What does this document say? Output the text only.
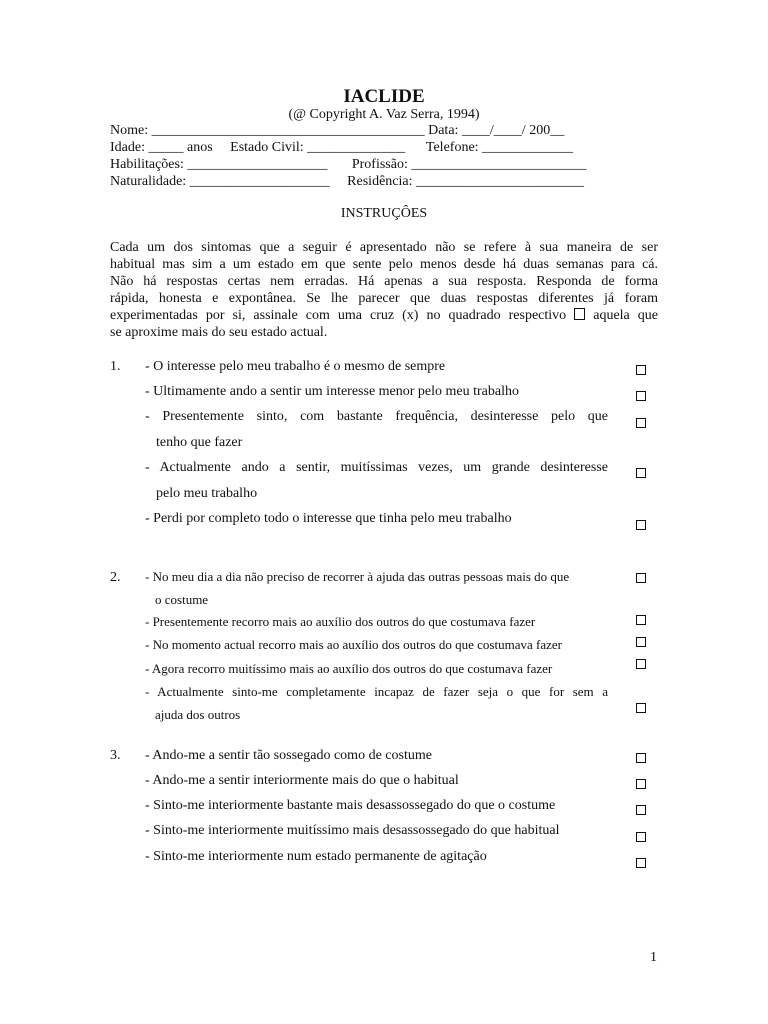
IACLIDE
(@ Copyright A. Vaz Serra, 1994)
Nome: _______________________________________ Data: ____/____/ 200__
Idade: _____ anos     Estado Civil: ______________      Telefone: _____________
Habilitações: ____________________       Profissão: _________________________
Naturalidade: ____________________     Residência: ________________________
INSTRUÇÔES
Cada um dos sintomas que a seguir é apresentado não se refere à sua maneira de ser
habitual mas sim a um estado em que sente pelo menos desde há duas semanas para cá.
Não há respostas certas nem erradas. Há apenas a sua resposta. Responda de forma
rápida, honesta e expontânea. Se lhe parecer que duas respostas diferentes já foram
experimentadas por si, assinale com uma cruz (x) no quadrado respectivo aquela que
se aproxime mais do seu estado actual.
1. - O interesse pelo meu trabalho é o mesmo de sempre
- Ultimamente ando a sentir um interesse menor pelo meu trabalho
- Presentemente sinto, com bastante frequência, desinteresse pelo que
tenho que fazer
- Actualmente ando a sentir, muitíssimas vezes, um grande desinteresse
pelo meu trabalho
- Perdi por completo todo o interesse que tinha pelo meu trabalho
2. - No meu dia a dia não preciso de recorrer à ajuda das outras pessoas mais do que
o costume
- Presentemente recorro mais ao auxílio dos outros do que costumava fazer
- No momento actual recorro mais ao auxílio dos outros do que costumava fazer
- Agora recorro muitíssimo mais ao auxílio dos outros do que costumava fazer
- Actualmente sinto-me completamente incapaz de fazer seja o que for sem a
ajuda dos outros
3. - Ando-me a sentir tão sossegado como de costume
- Ando-me a sentir interiormente mais do que o habitual
- Sinto-me interiormente bastante mais desassossegado do que o costume
- Sinto-me interiormente muitíssimo mais desassossegado do que habitual
- Sinto-me interiormente num estado permanente de agitação
1
